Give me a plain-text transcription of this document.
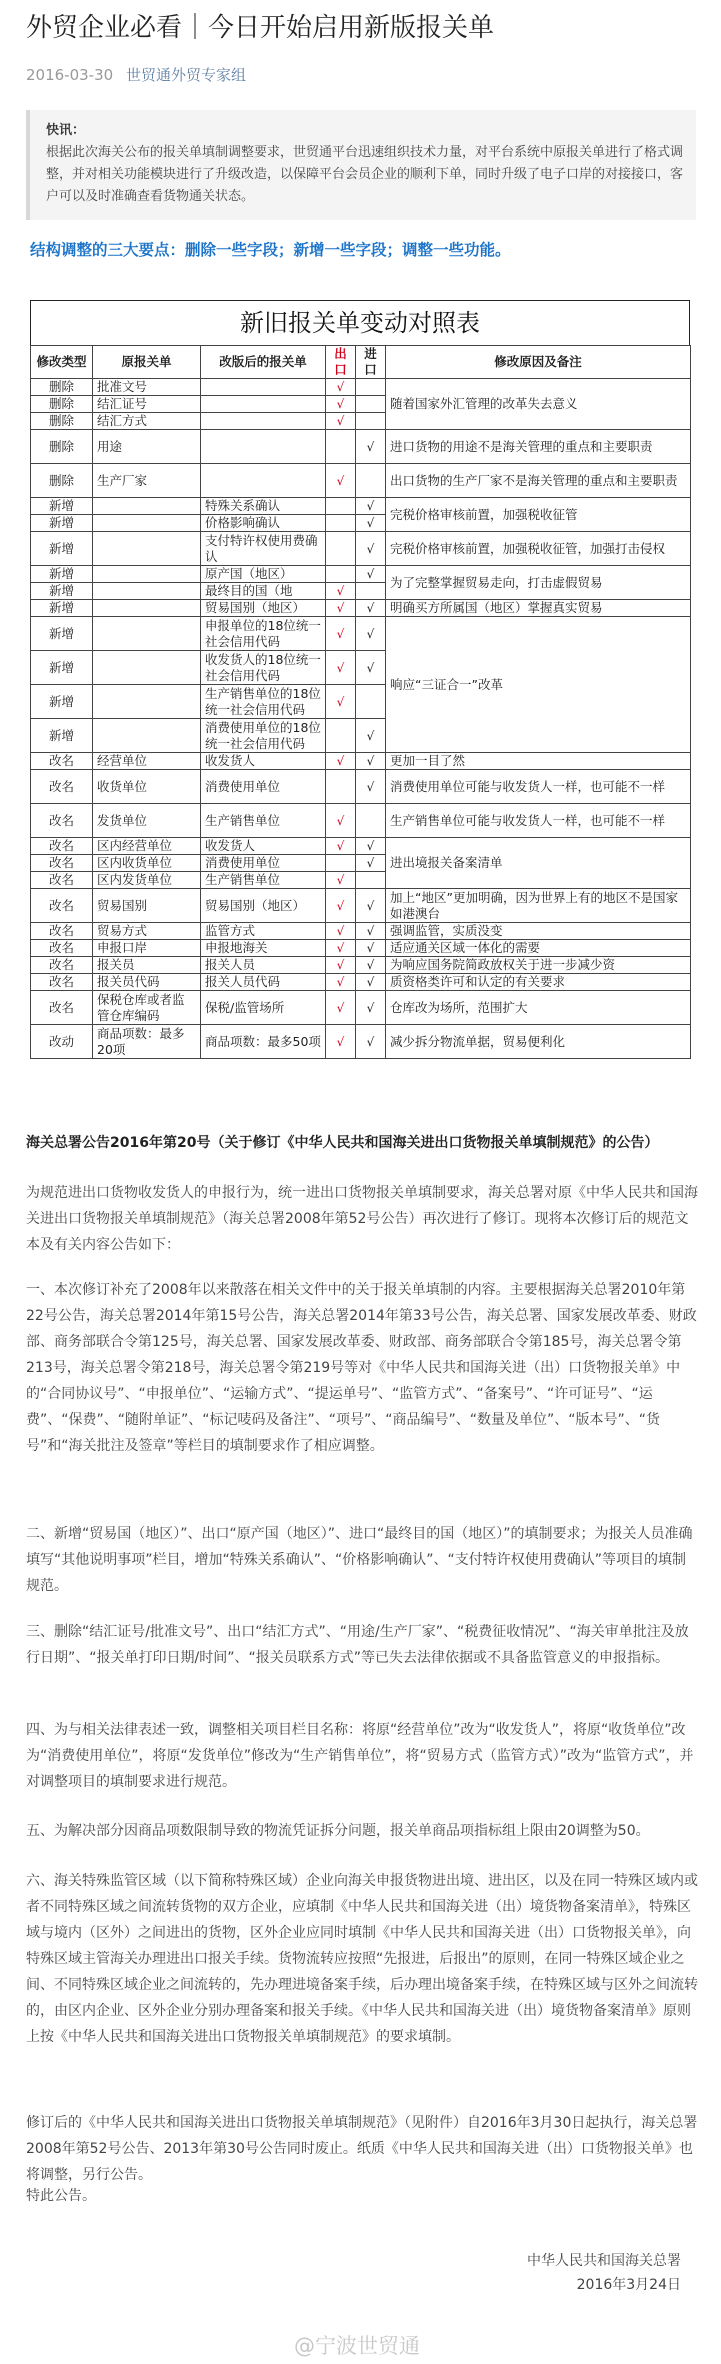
外贸企业必看｜今日开始启用新版报关单
2016-03-30 世贸通外贸专家组
快讯：
根据此次海关公布的报关单填制调整要求，世贸通平台迅速组织技术力量，对平台系统中原报关单进行了格式调整，并对相关功能模块进行了升级改造，以保障平台会员企业的顺利下单，同时升级了电子口岸的对接接口，客户可以及时准确查看货物通关状态。
结构调整的三大要点：删除一些字段；新增一些字段；调整一些功能。
新旧报关单变动对照表
修改类型	原报关单	改版后的报关单	出口	进口	修改原因及备注
删除	批准文号		√		随着国家外汇管理的改革失去意义
删除	结汇证号		√		
删除	结汇方式		√		
删除	用途			√	进口货物的用途不是海关管理的重点和主要职责
删除	生产厂家		√		出口货物的生产厂家不是海关管理的重点和主要职责
新增		特殊关系确认		√	完税价格审核前置，加强税收征管
新增		价格影响确认		√	
新增		支付特许权使用费确认		√	完税价格审核前置，加强税收征管，加强打击侵权
新增		原产国（地区）		√	为了完整掌握贸易走向，打击虚假贸易
新增		最终目的国（地	√		
新增		贸易国别（地区）	√	√	明确买方所属国（地区）掌握真实贸易
新增		申报单位的18位统一社会信用代码	√	√	响应“三证合一”改革
新增		收发货人的18位统一社会信用代码	√	√	
新增		生产销售单位的18位统一社会信用代码	√		
新增		消费使用单位的18位统一社会信用代码		√	
改名	经营单位	收发货人	√	√	更加一目了然
改名	收货单位	消费使用单位		√	消费使用单位可能与收发货人一样，也可能不一样
改名	发货单位	生产销售单位	√		生产销售单位可能与收发货人一样，也可能不一样
改名	区内经营单位	收发货人	√	√	进出境报关备案清单
改名	区内收货单位	消费使用单位		√	
改名	区内发货单位	生产销售单位	√		
改名	贸易国别	贸易国别（地区）	√	√	加上“地区”更加明确，因为世界上有的地区不是国家如港澳台
改名	贸易方式	监管方式	√	√	强调监管，实质没变
改名	申报口岸	申报地海关	√	√	适应通关区域一体化的需要
改名	报关员	报关人员	√	√	为响应国务院简政放权关于进一步减少资
改名	报关员代码	报关人员代码	√	√	质资格类许可和认定的有关要求
改名	保税仓库或者监管仓库编码	保税/监管场所	√	√	仓库改为场所，范围扩大
改动	商品项数：最多20项	商品项数：最多50项	√	√	减少拆分物流单据，贸易便利化
海关总署公告2016年第20号（关于修订《中华人民共和国海关进出口货物报关单填制规范》的公告）
为规范进出口货物收发货人的申报行为，统一进出口货物报关单填制要求，海关总署对原《中华人民共和国海关进出口货物报关单填制规范》（海关总署2008年第52号公告）再次进行了修订。现将本次修订后的规范文本及有关内容公告如下：
一、本次修订补充了2008年以来散落在相关文件中的关于报关单填制的内容。主要根据海关总署2010年第22号公告，海关总署2014年第15号公告，海关总署2014年第33号公告，海关总署、国家发展改革委、财政部、商务部联合令第125号，海关总署、国家发展改革委、财政部、商务部联合令第185号，海关总署令第213号，海关总署令第218号，海关总署令第219号等对《中华人民共和国海关进（出）口货物报关单》中的“合同协议号”、“申报单位”、“运输方式”、“提运单号”、“监管方式”、“备案号”、“许可证号”、“运费”、“保费”、“随附单证”、“标记唛码及备注”、“项号”、“商品编号”、“数量及单位”、“版本号”、“货号”和“海关批注及签章”等栏目的填制要求作了相应调整。
二、新增“贸易国（地区）”、出口“原产国（地区）”、进口“最终目的国（地区）”的填制要求；为报关人员准确填写“其他说明事项”栏目，增加“特殊关系确认”、“价格影响确认”、“支付特许权使用费确认”等项目的填制规范。
三、删除“结汇证号/批准文号”、出口“结汇方式”、“用途/生产厂家”、“税费征收情况”、“海关审单批注及放行日期”、“报关单打印日期/时间”、“报关员联系方式”等已失去法律依据或不具备监管意义的申报指标。
四、为与相关法律表述一致，调整相关项目栏目名称：将原“经营单位”改为“收发货人”，将原“收货单位”改为“消费使用单位”，将原“发货单位”修改为“生产销售单位”，将“贸易方式（监管方式）”改为“监管方式”，并对调整项目的填制要求进行规范。
五、为解决部分因商品项数限制导致的物流凭证拆分问题，报关单商品项指标组上限由20调整为50。
六、海关特殊监管区域（以下简称特殊区域）企业向海关申报货物进出境、进出区，以及在同一特殊区域内或者不同特殊区域之间流转货物的双方企业，应填制《中华人民共和国海关进（出）境货物备案清单》，特殊区域与境内（区外）之间进出的货物，区外企业应同时填制《中华人民共和国海关进（出）口货物报关单》，向特殊区域主管海关办理进出口报关手续。货物流转应按照“先报进，后报出”的原则，在同一特殊区域企业之间、不同特殊区域企业之间流转的，先办理进境备案手续，后办理出境备案手续，在特殊区域与区外之间流转的，由区内企业、区外企业分别办理备案和报关手续。《中华人民共和国海关进（出）境货物备案清单》原则上按《中华人民共和国海关进出口货物报关单填制规范》的要求填制。
修订后的《中华人民共和国海关进出口货物报关单填制规范》（见附件）自2016年3月30日起执行，海关总署2008年第52号公告、2013年第30号公告同时废止。纸质《中华人民共和国海关进（出）口货物报关单》也将调整，另行公告。
特此公告。
中华人民共和国海关总署
2016年3月24日
@宁波世贸通
